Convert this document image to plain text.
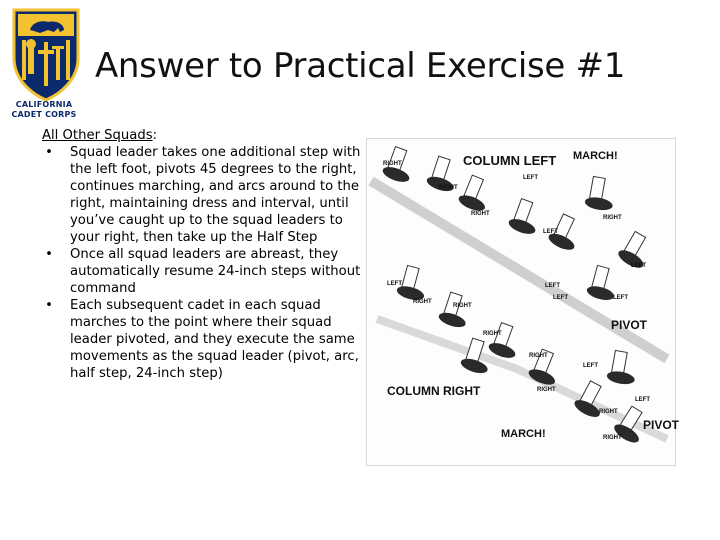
CALIFORNIA
CADET CORPS
Answer to Practical Exercise #1

All Other Squads:

• Squad leader takes one additional step with the left foot, pivots 45 degrees to the right, continues marching, and arcs around to the right, maintaining dress and interval, until you’ve caught up to the squad leaders to your right, then take up the Half Step
• Once all squad leaders are abreast, they automatically resume 24-inch steps without command
• Each subsequent cadet in each squad marches to the point where their squad leader pivoted, and they execute the same movements as the squad leader (pivot, arc, half step, 24-inch step)
COLUMN LEFT MARCH!
COLUMN RIGHT
MARCH!
PIVOT
PIVOT
RIGHT
RIGHT
LEFT
RIGHT
LEFT
RIGHT
LEFT
RIGHT
RIGHT
LEFT
RIGHT
LEFT
RIGHT
LEFT	LEFT
RIGHT
LEFT
RIGHT
LEFT
RIGHT
